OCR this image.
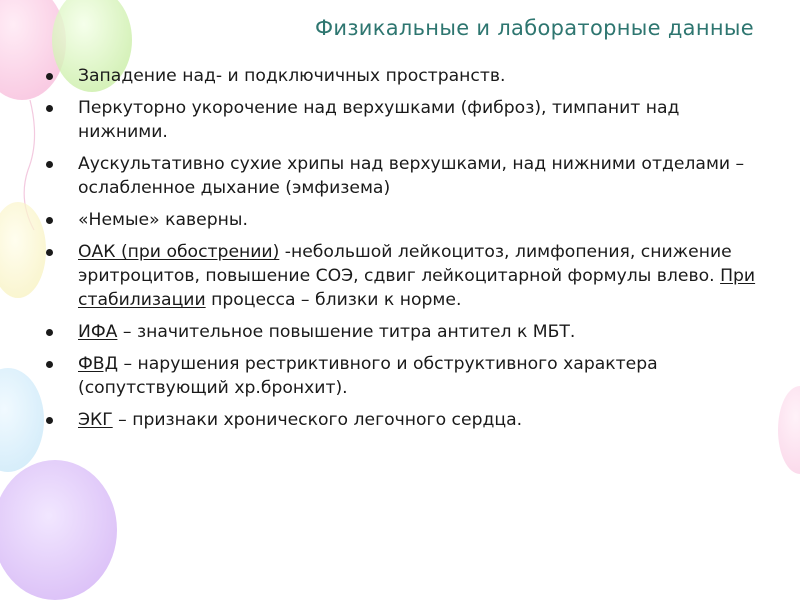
Физикальные и лабораторные данные
Западение над- и подключичных пространств.
Перкуторно укорочение над верхушками (фиброз), тимпанит над нижними.
Аускультативно сухие хрипы над верхушками, над нижними отделами – ослабленное дыхание (эмфизема)
«Немые» каверны.
ОАК (при обострении) -небольшой лейкоцитоз, лимфопения, снижение эритроцитов, повышение СОЭ, сдвиг лейкоцитарной формулы влево. При стабилизации процесса – близки к норме.
ИФА – значительное повышение титра антител к МБТ.
ФВД – нарушения рестриктивного и обструктивного характера (сопутствующий хр.бронхит).
ЭКГ – признаки хронического легочного сердца.
